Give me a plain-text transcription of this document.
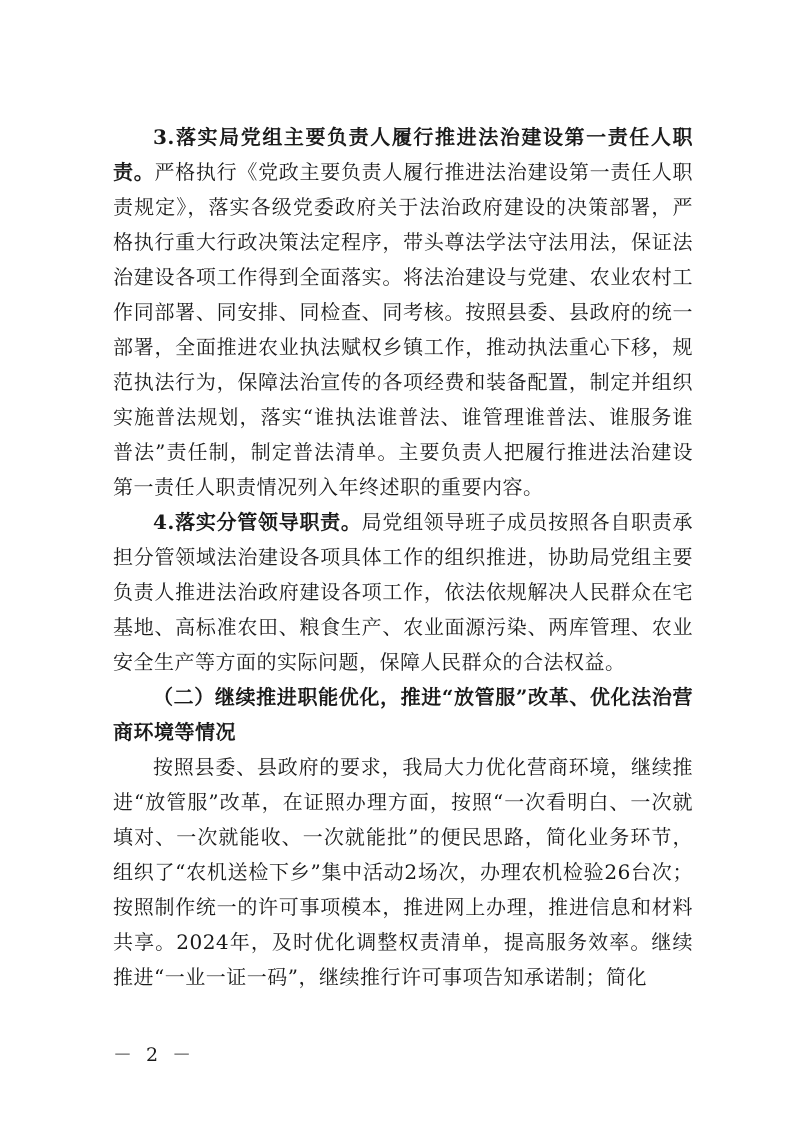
3.落实局党组主要负责人履行推进法治建设第一责任人职责。严格执行《党政主要负责人履行推进法治建设第一责任人职责规定》，落实各级党委政府关于法治政府建设的决策部署，严格执行重大行政决策法定程序，带头尊法学法守法用法，保证法治建设各项工作得到全面落实。将法治建设与党建、农业农村工作同部署、同安排、同检查、同考核。按照县委、县政府的统一部署，全面推进农业执法赋权乡镇工作，推动执法重心下移，规范执法行为，保障法治宣传的各项经费和装备配置，制定并组织实施普法规划，落实“谁执法谁普法、谁管理谁普法、谁服务谁普法”责任制，制定普法清单。主要负责人把履行推进法治建设第一责任人职责情况列入年终述职的重要内容。

4.落实分管领导职责。局党组领导班子成员按照各自职责承担分管领域法治建设各项具体工作的组织推进，协助局党组主要负责人推进法治政府建设各项工作，依法依规解决人民群众在宅基地、高标准农田、粮食生产、农业面源污染、两库管理、农业安全生产等方面的实际问题，保障人民群众的合法权益。

（二）继续推进职能优化，推进“放管服”改革、优化法治营商环境等情况

按照县委、县政府的要求，我局大力优化营商环境，继续推进“放管服”改革，在证照办理方面，按照“一次看明白、一次就填对、一次就能收、一次就能批”的便民思路，简化业务环节，组织了“农机送检下乡”集中活动2场次，办理农机检验26台次；按照制作统一的许可事项模本，推进网上办理，推进信息和材料共享。2024年，及时优化调整权责清单，提高服务效率。继续推进“一业一证一码”，继续推行许可事项告知承诺制；简化

－ 2 －
